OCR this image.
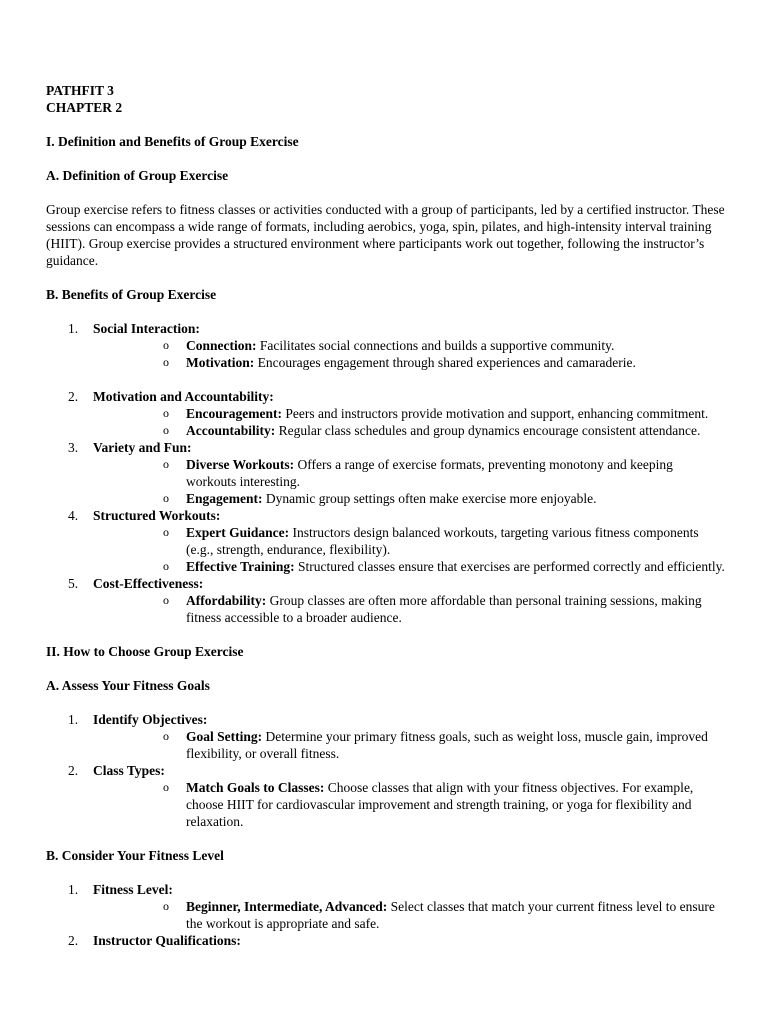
PATHFIT 3

CHAPTER 2

I. Definition and Benefits of Group Exercise

A. Definition of Group Exercise

Group exercise refers to fitness classes or activities conducted with a group of participants, led by a certified instructor. These sessions can encompass a wide range of formats, including aerobics, yoga, spin, pilates, and high-intensity interval training (HIIT). Group exercise provides a structured environment where participants work out together, following the instructor’s guidance.

B. Benefits of Group Exercise

1.	Social Interaction:
o Connection: Facilitates social connections and builds a supportive community.
o Motivation: Encourages engagement through shared experiences and camaraderie.
2.	Motivation and Accountability:
o Encouragement: Peers and instructors provide motivation and support, enhancing commitment.
o Accountability: Regular class schedules and group dynamics encourage consistent attendance.
3.	Variety and Fun:
o Diverse Workouts: Offers a range of exercise formats, preventing monotony and keeping workouts interesting.
o Engagement: Dynamic group settings often make exercise more enjoyable.
4.	Structured Workouts:
o Expert Guidance: Instructors design balanced workouts, targeting various fitness components (e.g., strength, endurance, flexibility).
o Effective Training: Structured classes ensure that exercises are performed correctly and efficiently.
5.	Cost-Effectiveness:
o Affordability: Group classes are often more affordable than personal training sessions, making fitness accessible to a broader audience.

II. How to Choose Group Exercise

A. Assess Your Fitness Goals

1.	Identify Objectives:
o Goal Setting: Determine your primary fitness goals, such as weight loss, muscle gain, improved flexibility, or overall fitness.
2.	Class Types:
o Match Goals to Classes: Choose classes that align with your fitness objectives. For example, choose HIIT for cardiovascular improvement and strength training, or yoga for flexibility and relaxation.

B. Consider Your Fitness Level

1.	Fitness Level:
o Beginner, Intermediate, Advanced: Select classes that match your current fitness level to ensure the workout is appropriate and safe.
2.	Instructor Qualifications:
